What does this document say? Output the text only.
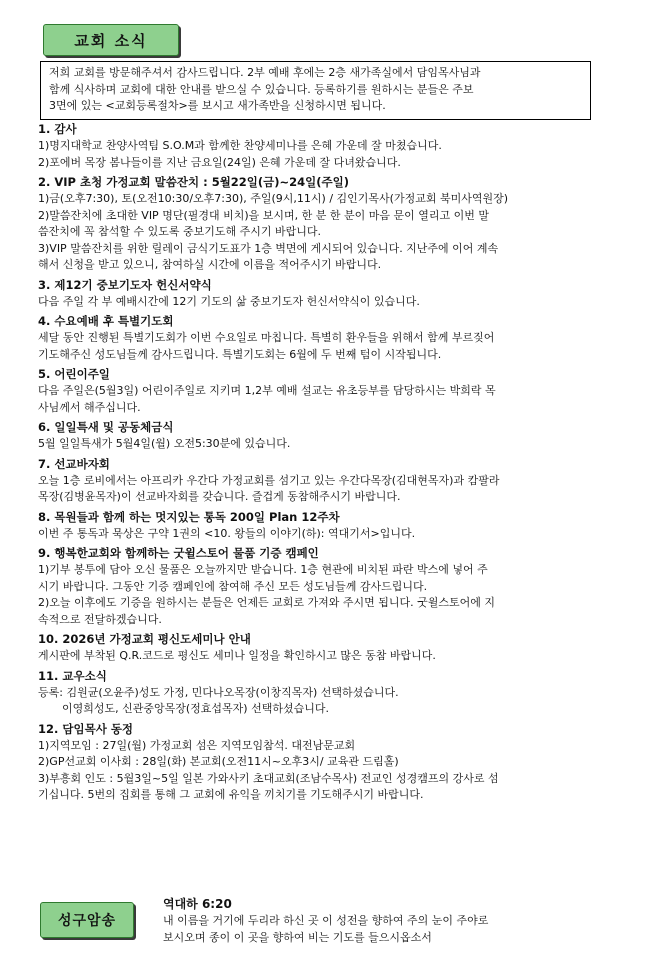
교회 소식

저희 교회를 방문해주셔서 감사드립니다. 2부 예배 후에는 2층 새가족실에서 담임목사님과

함께 식사하며 교회에 대한 안내를 받으실 수 있습니다. 등록하기를 원하시는 분들은 주보

3면에 있는 <교회등록절차>를 보시고 새가족반을 신청하시면 됩니다.

1. 감사

1)명지대학교 찬양사역팀 S.O.M과 함께한 찬양세미나를 은혜 가운데 잘 마쳤습니다.

2)포에버 목장 봄나들이를 지난 금요일(24일) 은혜 가운데 잘 다녀왔습니다.

2. VIP 초청 가정교회 말씀잔치 : 5월22일(금)~24일(주일)

1)금(오후7:30), 토(오전10:30/오후7:30), 주일(9시,11시) / 김인기목사(가정교회 북미사역원장)

2)말씀잔치에 초대한 VIP 명단(필경대 비치)을 보시며, 한 분 한 분이 마음 문이 열리고 이번 말

씀잔치에 꼭 참석할 수 있도록 중보기도해 주시기 바랍니다.

3)VIP 말씀잔치를 위한 릴레이 금식기도표가 1층 벽면에 게시되어 있습니다. 지난주에 이어 계속

해서 신청을 받고 있으니, 참여하실 시간에 이름을 적어주시기 바랍니다.

3. 제12기 중보기도자 헌신서약식

다음 주일 각 부 예배시간에 12기 기도의 삶 중보기도자 헌신서약식이 있습니다.

4. 수요예배 후 특별기도회

세달 동안 진행된 특별기도회가 이번 수요일로 마칩니다. 특별히 환우들을 위해서 함께 부르짖어

기도해주신 성도님들께 감사드립니다. 특별기도회는 6월에 두 번째 텀이 시작됩니다.

5. 어린이주일

다음 주일은(5월3일) 어린이주일로 지키며 1,2부 예배 설교는 유초등부를 담당하시는 박희락 목

사님께서 해주십니다.

6. 일일특새 및 공동체금식

5월 일일특새가 5월4일(월) 오전5:30분에 있습니다.

7. 선교바자회

오늘 1층 로비에서는 아프리카 우간다 가정교회를 섬기고 있는 우간다목장(김대현목자)과 캄팔라

목장(김병윤목자)이 선교바자회를 갖습니다. 즐겁게 동참해주시기 바랍니다.

8. 목원들과 함께 하는 멋지있는 통독 200일 Plan 12주차

이번 주 통독과 묵상은 구약 1권의 <10. 왕들의 이야기(하): 역대기서>입니다.

9. 행복한교회와 함께하는 굿윌스토어 물품 기증 캠페인

1)기부 봉투에 담아 오신 물품은 오늘까지만 받습니다. 1층 현관에 비치된 파란 박스에 넣어 주

시기 바랍니다. 그동안 기증 캠페인에 참여해 주신 모든 성도님들께 감사드립니다.

2)오늘 이후에도 기증을 원하시는 분들은 언제든 교회로 가져와 주시면 됩니다. 굿윌스토어에 지

속적으로 전달하겠습니다.

10. 2026년 가정교회 평신도세미나 안내

게시판에 부착된 Q.R.코드로 평신도 세미나 일정을 확인하시고 많은 동참 바랍니다.

11. 교우소식

등록: 김원균(오윤주)성도 가정, 민다나오목장(이창직목자) 선택하셨습니다.

이영희성도, 신관중앙목장(정효섭목자) 선택하셨습니다.

12. 담임목사 동정

1)지역모임 : 27일(월) 가정교회 섬은 지역모임참석. 대전남문교회

2)GP선교회 이사회 : 28일(화) 본교회(오전11시~오후3시/ 교육관 드림홀)

3)부흥회 인도 : 5월3일~5일 일본 가와사키 초대교회(조남수목사) 전교인 성경캠프의 강사로 섬

기십니다. 5번의 집회를 통해 그 교회에 유익을 끼치기를 기도해주시기 바랍니다.

성구암송

역대하 6:20

내 이름을 거기에 두리라 하신 곳 이 성전을 향하여 주의 눈이 주야로

보시오며 종이 이 곳을 향하여 비는 기도를 들으시옵소서
